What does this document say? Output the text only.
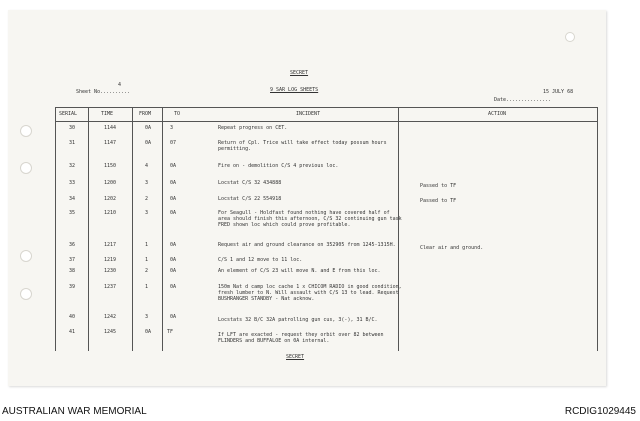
SECRET
9 SAR LOG SHEETS
Sheet No..........
4
Date...............
15 JULY 68
SERIAL	TIME	FROM	TO	INCIDENT	ACTION
30	1144	0A	3	Repeat progress on CET.
31	1147	0A	07	Return of Cpl. Trice will take effect today possum hours
permitting.
32	1150	4	0A	Fire on - demolition C/S 4 previous loc.
33	1200	3	0A	Locstat C/S 32 434888	Passed to TF
34	1202	2	0A	Locstat C/S 22 554918	Passed to TF
35	1210	3	0A	For Seagull - Holdfast found nothing have covered half of
area should finish this afternoon, C/S 32 continuing gun task
FRED shown loc which could prove profitable.
36	1217	1	0A	Request air and ground clearance on 352905 from 1245-1315H.	Clear air and ground.
37	1219	1	0A	C/S 1 and 12 move to 11 loc.
38	1230	2	0A	An element of C/S 23 will move N. and E from this loc.
39	1237	1	0A	150m Nat d camp loc cache 1 x CHICOM RADIO in good condition,
fresh lumber to N. Will assault with C/S 13 to lead. Request
BUSHRANGER STANDBY - Nat acknow.
40	1242	3	0A	Locstats 32 B/C 32A patrolling gun cus, 3(-), 31 B/C.
41	1245	0A	TF	If LFT are exacted - request they orbit over 82 between
FLINDERS and BUFFALOE on 0A internal.
SECRET
AUSTRALIAN WAR MEMORIAL	RCDIG1029445
